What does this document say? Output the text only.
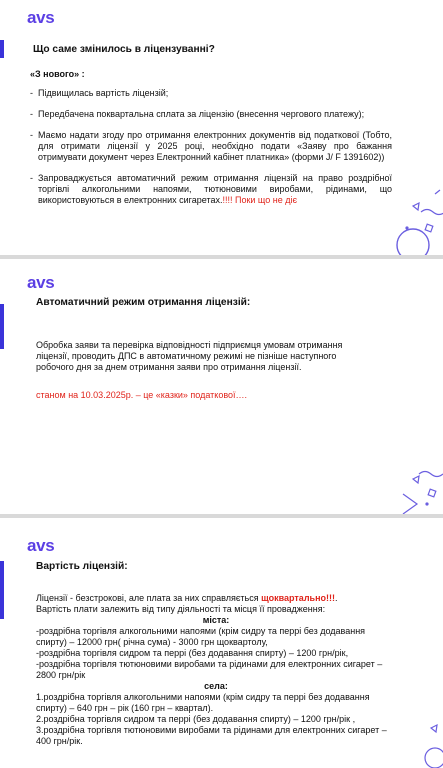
avs
Що саме змінилось в ліцензуванні?
«З нового» :
- Підвищилась вартість ліцензій;
- Передбачена поквартальна сплата за ліцензію (внесення чергового платежу);
- Маємо надати згоду про отримання електронних документів від податкової (Тобто, для отримати ліцензії у 2025 році, необхідно подати «Заяву про бажання отримувати документ через Електронний кабінет платника» (форми J/ F 1391602))
- Запроваджується автоматичний режим отримання ліцензій на право роздрібної торгівлі алкогольними напоями, тютюновими виробами, рідинами, що використовуються в електронних сигаретах.!!!! Поки що не діє
avs
Автоматичний режим отримання ліцензій:
Обробка заяви та перевірка відповідності підприємця умовам отримання ліцензії, проводить ДПС в автоматичному режимі не пізніше наступного робочого дня за днем отримання заяви про отримання ліцензії.
станом на 10.03.2025р. – це «казки» податкової….
avs
Вартість ліцензій:
Ліцензії - безстрокові, але плата за них справляється щоквартально!!!.
Вартість плати залежить від типу діяльності та місця її провадження:
міста:
-роздрібна торгівля алкогольними напоями (крім сидру та перрі без додавання спирту) – 12000 грн( річна сума) - 3000 грн щоквартолу,
-роздрібна торгівля сидром та перрі (без додавання спирту) – 1200 грн/рік,
-роздрібна торгівля тютюновими виробами та рідинами для електронних сигарет – 2800 грн/рік
села:
1.роздрібна торгівля алкогольними напоями (крім сидру та перрі без додавання спирту) – 640 грн – рік (160 грн – квартал).
2.роздрібна торгівля сидром та перрі (без додавання спирту) – 1200 грн/рік ,
3.роздрібна торгівля тютюновими виробами та рідинами для електронних сигарет – 400 грн/рік.
